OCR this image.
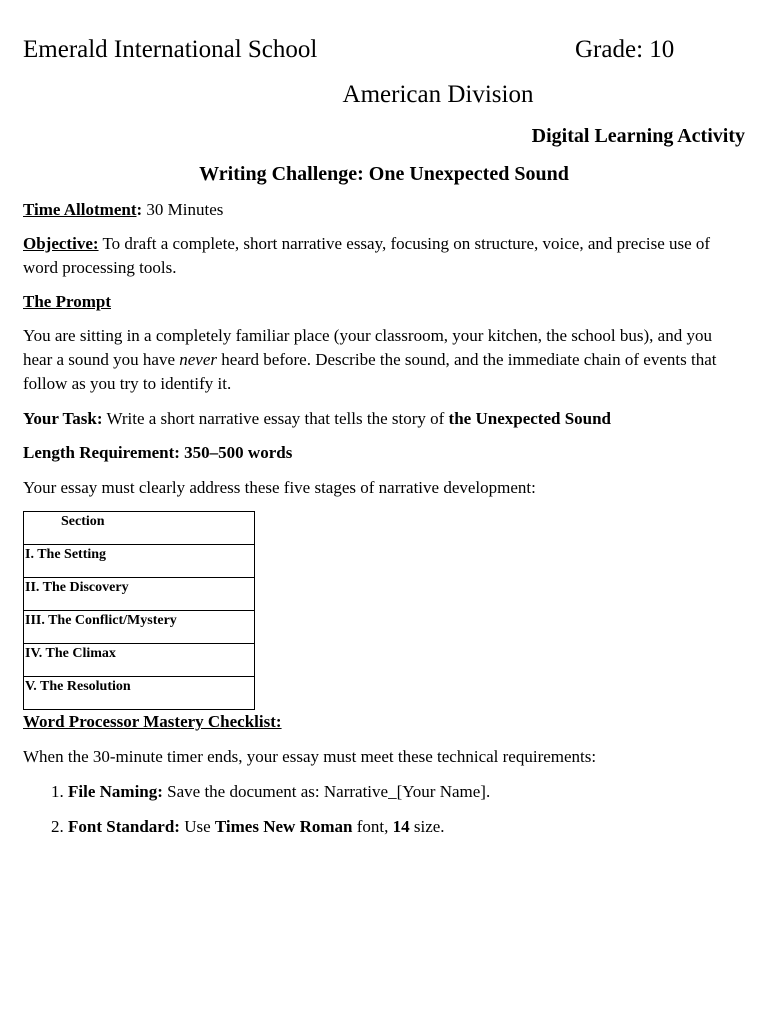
Emerald International School	Grade: 10
American Division
Digital Learning Activity
Writing Challenge: One Unexpected Sound
Time Allotment: 30 Minutes
Objective: To draft a complete, short narrative essay, focusing on structure, voice, and precise use of word processing tools.
The Prompt
You are sitting in a completely familiar place (your classroom, your kitchen, the school bus), and you hear a sound you have never heard before. Describe the sound, and the immediate chain of events that follow as you try to identify it.
Your Task: Write a short narrative essay that tells the story of the Unexpected Sound
Length Requirement: 350–500 words
Your essay must clearly address these five stages of narrative development:
Section
I. The Setting
II. The Discovery
III. The Conflict/Mystery
IV. The Climax
V. The Resolution
Word Processor Mastery Checklist:
When the 30-minute timer ends, your essay must meet these technical requirements:
1. File Naming: Save the document as: Narrative_[Your Name].
2. Font Standard: Use Times New Roman font, 14 size.
